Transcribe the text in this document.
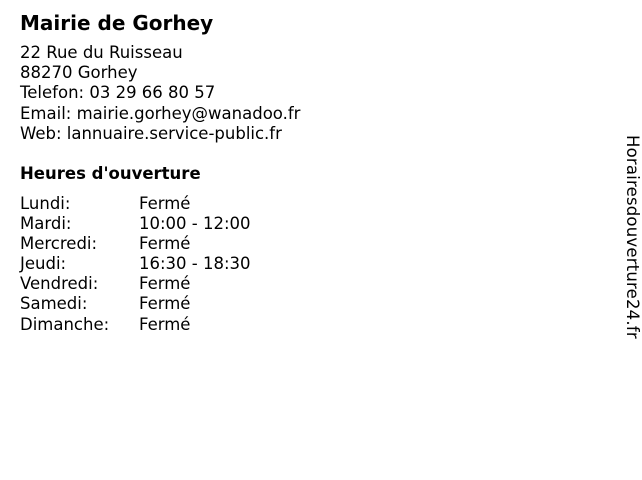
Mairie de Gorhey
22 Rue du Ruisseau
88270 Gorhey
Telefon: 03 29 66 80 57
Email: mairie.gorhey@wanadoo.fr
Web: lannuaire.service-public.fr
Heures d'ouverture
Lundi:	Fermé
Mardi:	10:00 - 12:00
Mercredi:	Fermé
Jeudi:	16:30 - 18:30
Vendredi: Fermé
Samedi:	Fermé
Dimanche: Fermé	Horairesdouverture24.fr
